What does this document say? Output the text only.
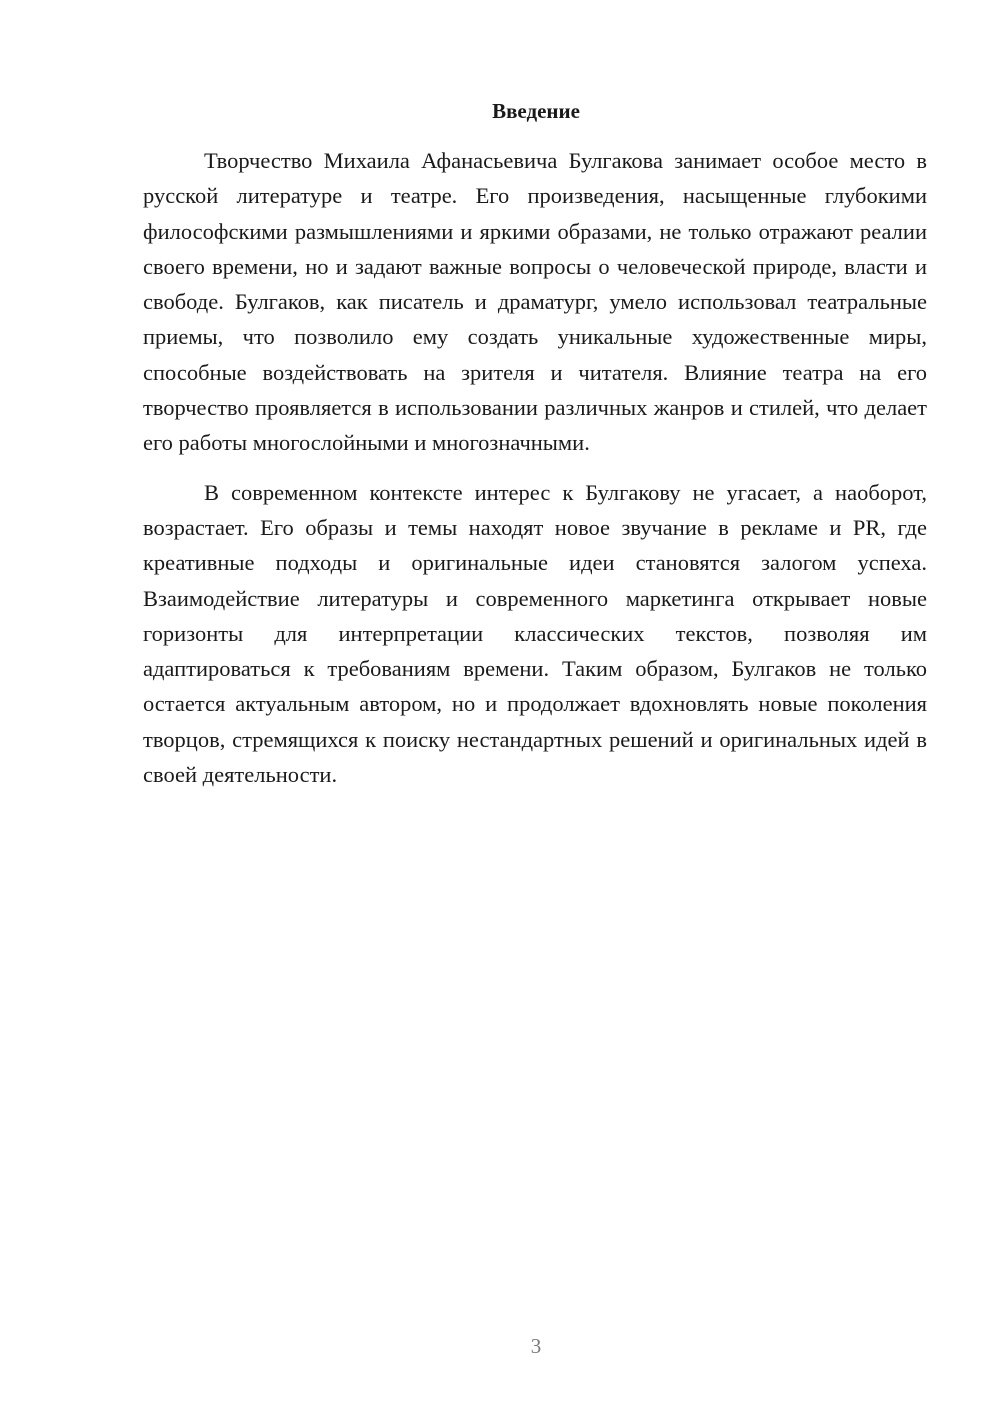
Введение

Творчество Михаила Афанасьевича Булгакова занимает особое место в русской литературе и театре. Его произведения, насыщенные глубокими философскими размышлениями и яркими образами, не только отражают реалии своего времени, но и задают важные вопросы о человеческой природе, власти и свободе. Булгаков, как писатель и драматург, умело использовал театральные приемы, что позволило ему создать уникальные художественные миры, способные воздействовать на зрителя и читателя. Влияние театра на его творчество проявляется в использовании различных жанров и стилей, что делает его работы многослойными и многозначными.

В современном контексте интерес к Булгакову не угасает, а наоборот, возрастает. Его образы и темы находят новое звучание в рекламе и PR, где креативные подходы и оригинальные идеи становятся залогом успеха. Взаимодействие литературы и современного маркетинга открывает новые горизонты для интерпретации классических текстов, позволяя им адаптироваться к требованиям времени. Таким образом, Булгаков не только остается актуальным автором, но и продолжает вдохновлять новые поколения творцов, стремящихся к поиску нестандартных решений и оригинальных идей в своей деятельности.

3
